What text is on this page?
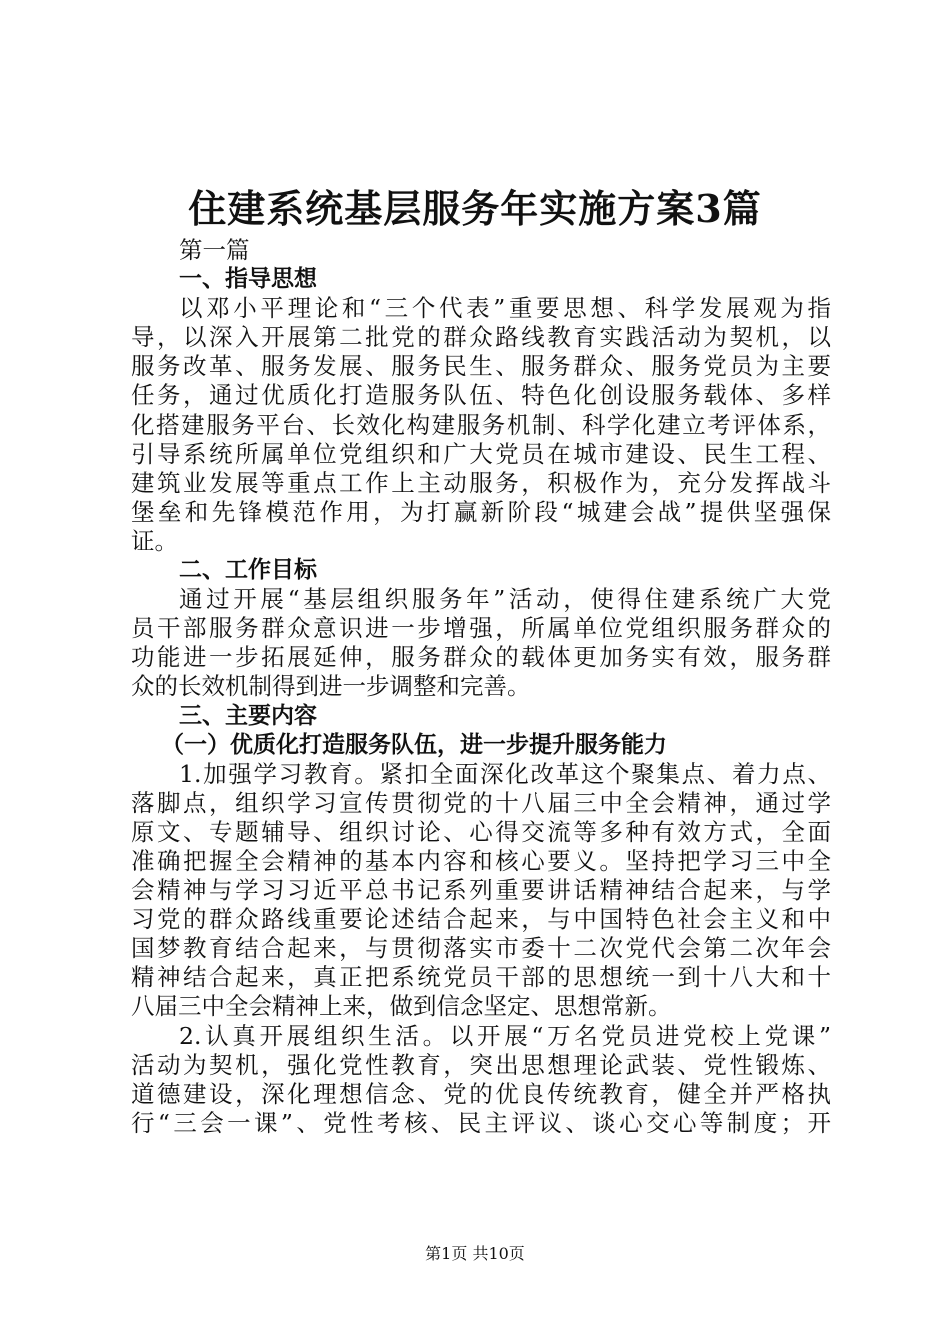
住建系统基层服务年实施方案3篇
第一篇
一、指导思想
以邓小平理论和“三个代表”重要思想、科学发展观为指
导，以深入开展第二批党的群众路线教育实践活动为契机，以
服务改革、服务发展、服务民生、服务群众、服务党员为主要
任务，通过优质化打造服务队伍、特色化创设服务载体、多样
化搭建服务平台、长效化构建服务机制、科学化建立考评体系，
引导系统所属单位党组织和广大党员在城市建设、民生工程、
建筑业发展等重点工作上主动服务，积极作为，充分发挥战斗
堡垒和先锋模范作用，为打赢新阶段“城建会战”提供坚强保
证。
二、工作目标
通过开展“基层组织服务年”活动，使得住建系统广大党
员干部服务群众意识进一步增强，所属单位党组织服务群众的
功能进一步拓展延伸，服务群众的载体更加务实有效，服务群
众的长效机制得到进一步调整和完善。
三、主要内容
（一）优质化打造服务队伍，进一步提升服务能力
1.加强学习教育。紧扣全面深化改革这个聚集点、着力点、
落脚点，组织学习宣传贯彻党的十八届三中全会精神，通过学
原文、专题辅导、组织讨论、心得交流等多种有效方式，全面
准确把握全会精神的基本内容和核心要义。坚持把学习三中全
会精神与学习习近平总书记系列重要讲话精神结合起来，与学
习党的群众路线重要论述结合起来，与中国特色社会主义和中
国梦教育结合起来，与贯彻落实市委十二次党代会第二次年会
精神结合起来，真正把系统党员干部的思想统一到十八大和十
八届三中全会精神上来，做到信念坚定、思想常新。
2.认真开展组织生活。以开展“万名党员进党校上党课”
活动为契机，强化党性教育，突出思想理论武装、党性锻炼、
道德建设，深化理想信念、党的优良传统教育，健全并严格执
行“三会一课”、党性考核、民主评议、谈心交心等制度；开
第1页 共10页
